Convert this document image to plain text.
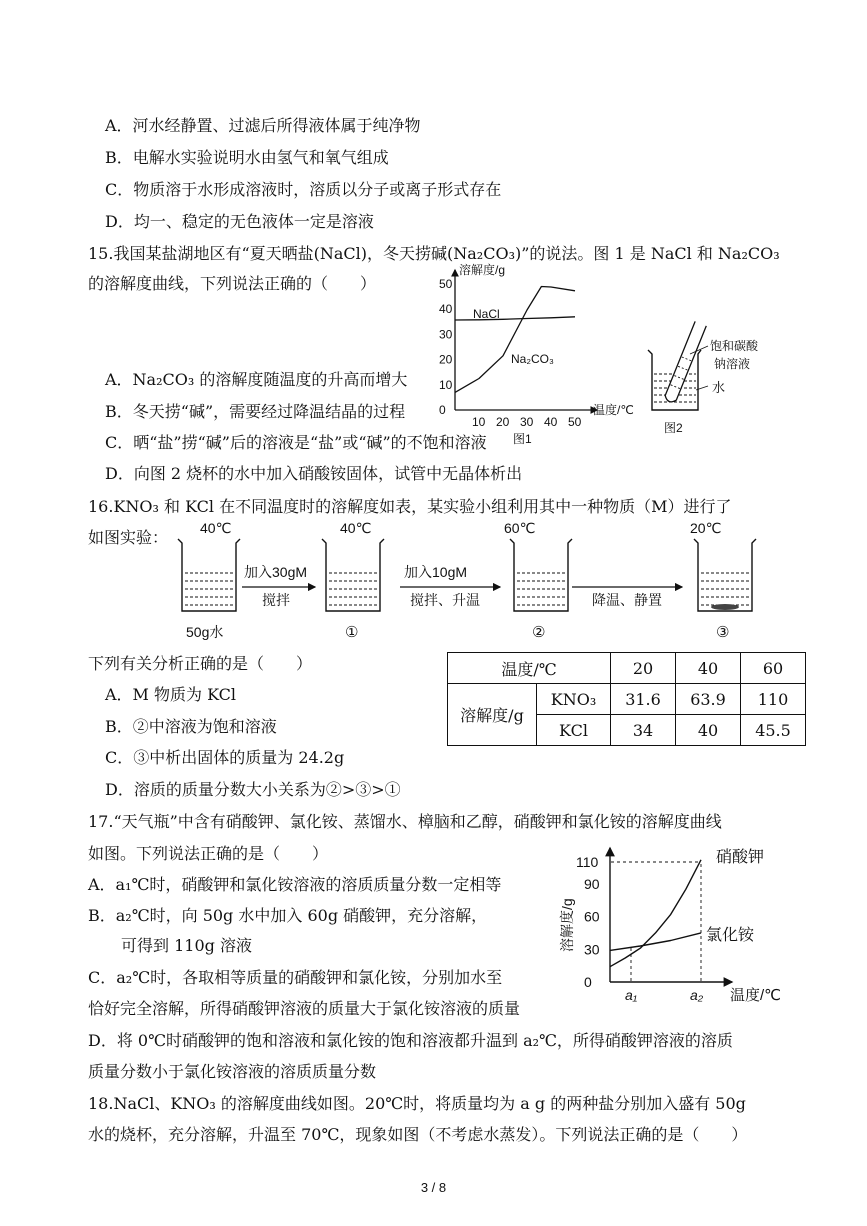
A．河水经静置、过滤后所得液体属于纯净物
B．电解水实验说明水由氢气和氧气组成
C．物质溶于水形成溶液时，溶质以分子或离子形式存在
D．均一、稳定的无色液体一定是溶液
15.我国某盐湖地区有“夏天晒盐(NaCl)，冬天捞碱(Na₂CO₃)”的说法。图 1 是 NaCl 和 Na₂CO₃
的溶解度曲线，下列说法正确的（　　）
A．Na₂CO₃ 的溶解度随温度的升高而增大
B．冬天捞“碱”，需要经过降温结晶的过程
C．晒“盐”捞“碱”后的溶液是“盐”或“碱”的不饱和溶液
D．向图 2 烧杯的水中加入硝酸铵固体，试管中无晶体析出
溶解度/g
温度/℃
0
10
20
30
40
50
10 20 30 40 50
NaCl
Na₂CO₃
图1
饱和碳酸
钠溶液
水
图2
16.KNO₃ 和 KCl 在不同温度时的溶解度如表，某实验小组利用其中一种物质（M）进行了
如图实验： 40℃	40℃	60℃	20℃
加入30gM
搅拌
加入10gM
搅拌、升温	降温、静置
50g水	①	②	③
下列有关分析正确的是（　　）
A．M 物质为 KCl
B．②中溶液为饱和溶液
C．③中析出固体的质量为 24.2g
D．溶质的质量分数大小关系为②>③>①
温度/℃		20	40	60
溶解度/g	KNO₃	31.6	63.9	110
	KCl	34	40	45.5
17.“天气瓶”中含有硝酸钾、氯化铵、蒸馏水、樟脑和乙醇，硝酸钾和氯化铵的溶解度曲线
如图。下列说法正确的是（　　）
A．a₁℃时，硝酸钾和氯化铵溶液的溶质质量分数一定相等
B．a₂℃时，向 50g 水中加入 60g 硝酸钾，充分溶解，
可得到 110g 溶液
C．a₂℃时，各取相等质量的硝酸钾和氯化铵，分别加水至
恰好完全溶解，所得硝酸钾溶液的质量大于氯化铵溶液的质量
D．将 0℃时硝酸钾的饱和溶液和氯化铵的饱和溶液都升温到 a₂℃，所得硝酸钾溶液的溶质
质量分数小于氯化铵溶液的溶质质量分数
溶解度/g
温度/℃
0
30
60
90
110
a₁	a₂
硝酸钾
氯化铵
18.NaCl、KNO₃ 的溶解度曲线如图。20℃时，将质量均为 a g 的两种盐分别加入盛有 50g
水的烧杯，充分溶解，升温至 70℃，现象如图（不考虑水蒸发）。下列说法正确的是（　　）
3 / 8
